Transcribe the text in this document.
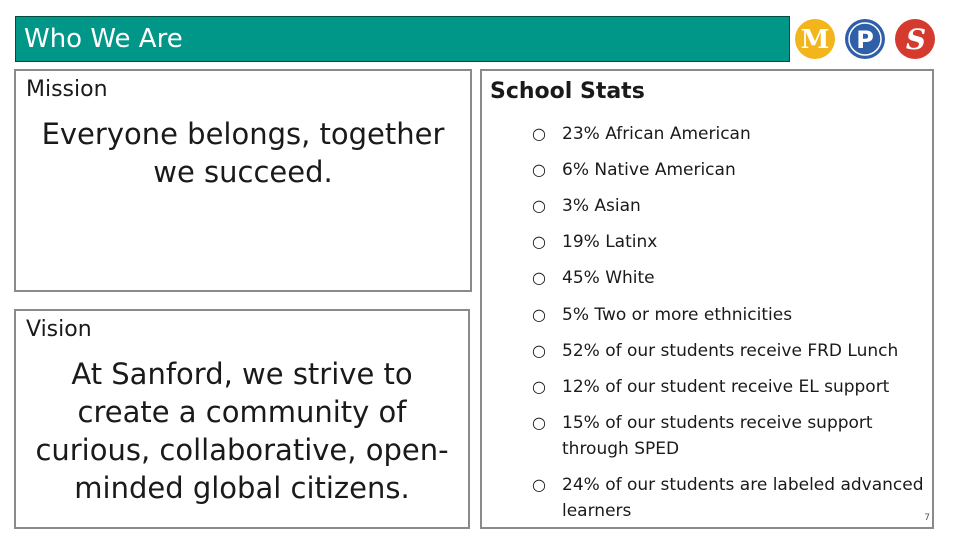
Who We Are	M P S
Mission
Everyone belongs, together we succeed.
Vision
At Sanford, we strive to create a community of curious, collaborative, open-minded global citizens.
School Stats
○ 23% African American
○ 6% Native American
○ 3% Asian
○ 19% Latinx
○ 45% White
○ 5% Two or more ethnicities
○ 52% of our students receive FRD Lunch
○ 12% of our student receive EL support
○ 15% of our students receive support through SPED
○ 24% of our students are labeled advanced learners	7
